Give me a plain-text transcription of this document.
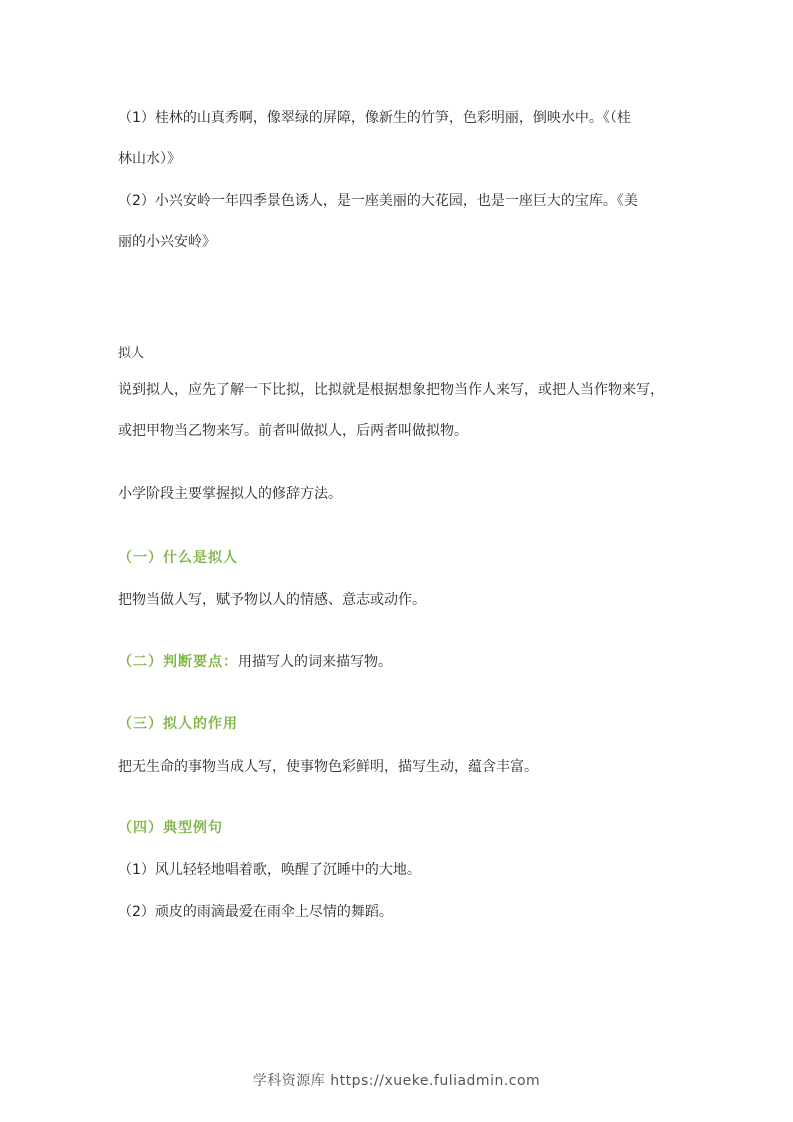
（1）桂林的山真秀啊，像翠绿的屏障，像新生的竹笋，色彩明丽，倒映水中。《（桂
林山水）》
（2）小兴安岭一年四季景色诱人，是一座美丽的大花园，也是一座巨大的宝库。《美
丽的小兴安岭》
拟人
说到拟人，应先了解一下比拟，比拟就是根据想象把物当作人来写，或把人当作物来写，
或把甲物当乙物来写。前者叫做拟人，后两者叫做拟物。
小学阶段主要掌握拟人的修辞方法。
（一）什么是拟人
把物当做人写，赋予物以人的情感、意志或动作。
（二）判断要点：用描写人的词来描写物。
（三）拟人的作用
把无生命的事物当成人写，使事物色彩鲜明，描写生动，蕴含丰富。
（四）典型例句
（1）风儿轻轻地唱着歌，唤醒了沉睡中的大地。
（2）顽皮的雨滴最爱在雨伞上尽情的舞蹈。
学科资源库 https://xueke.fuliadmin.com
